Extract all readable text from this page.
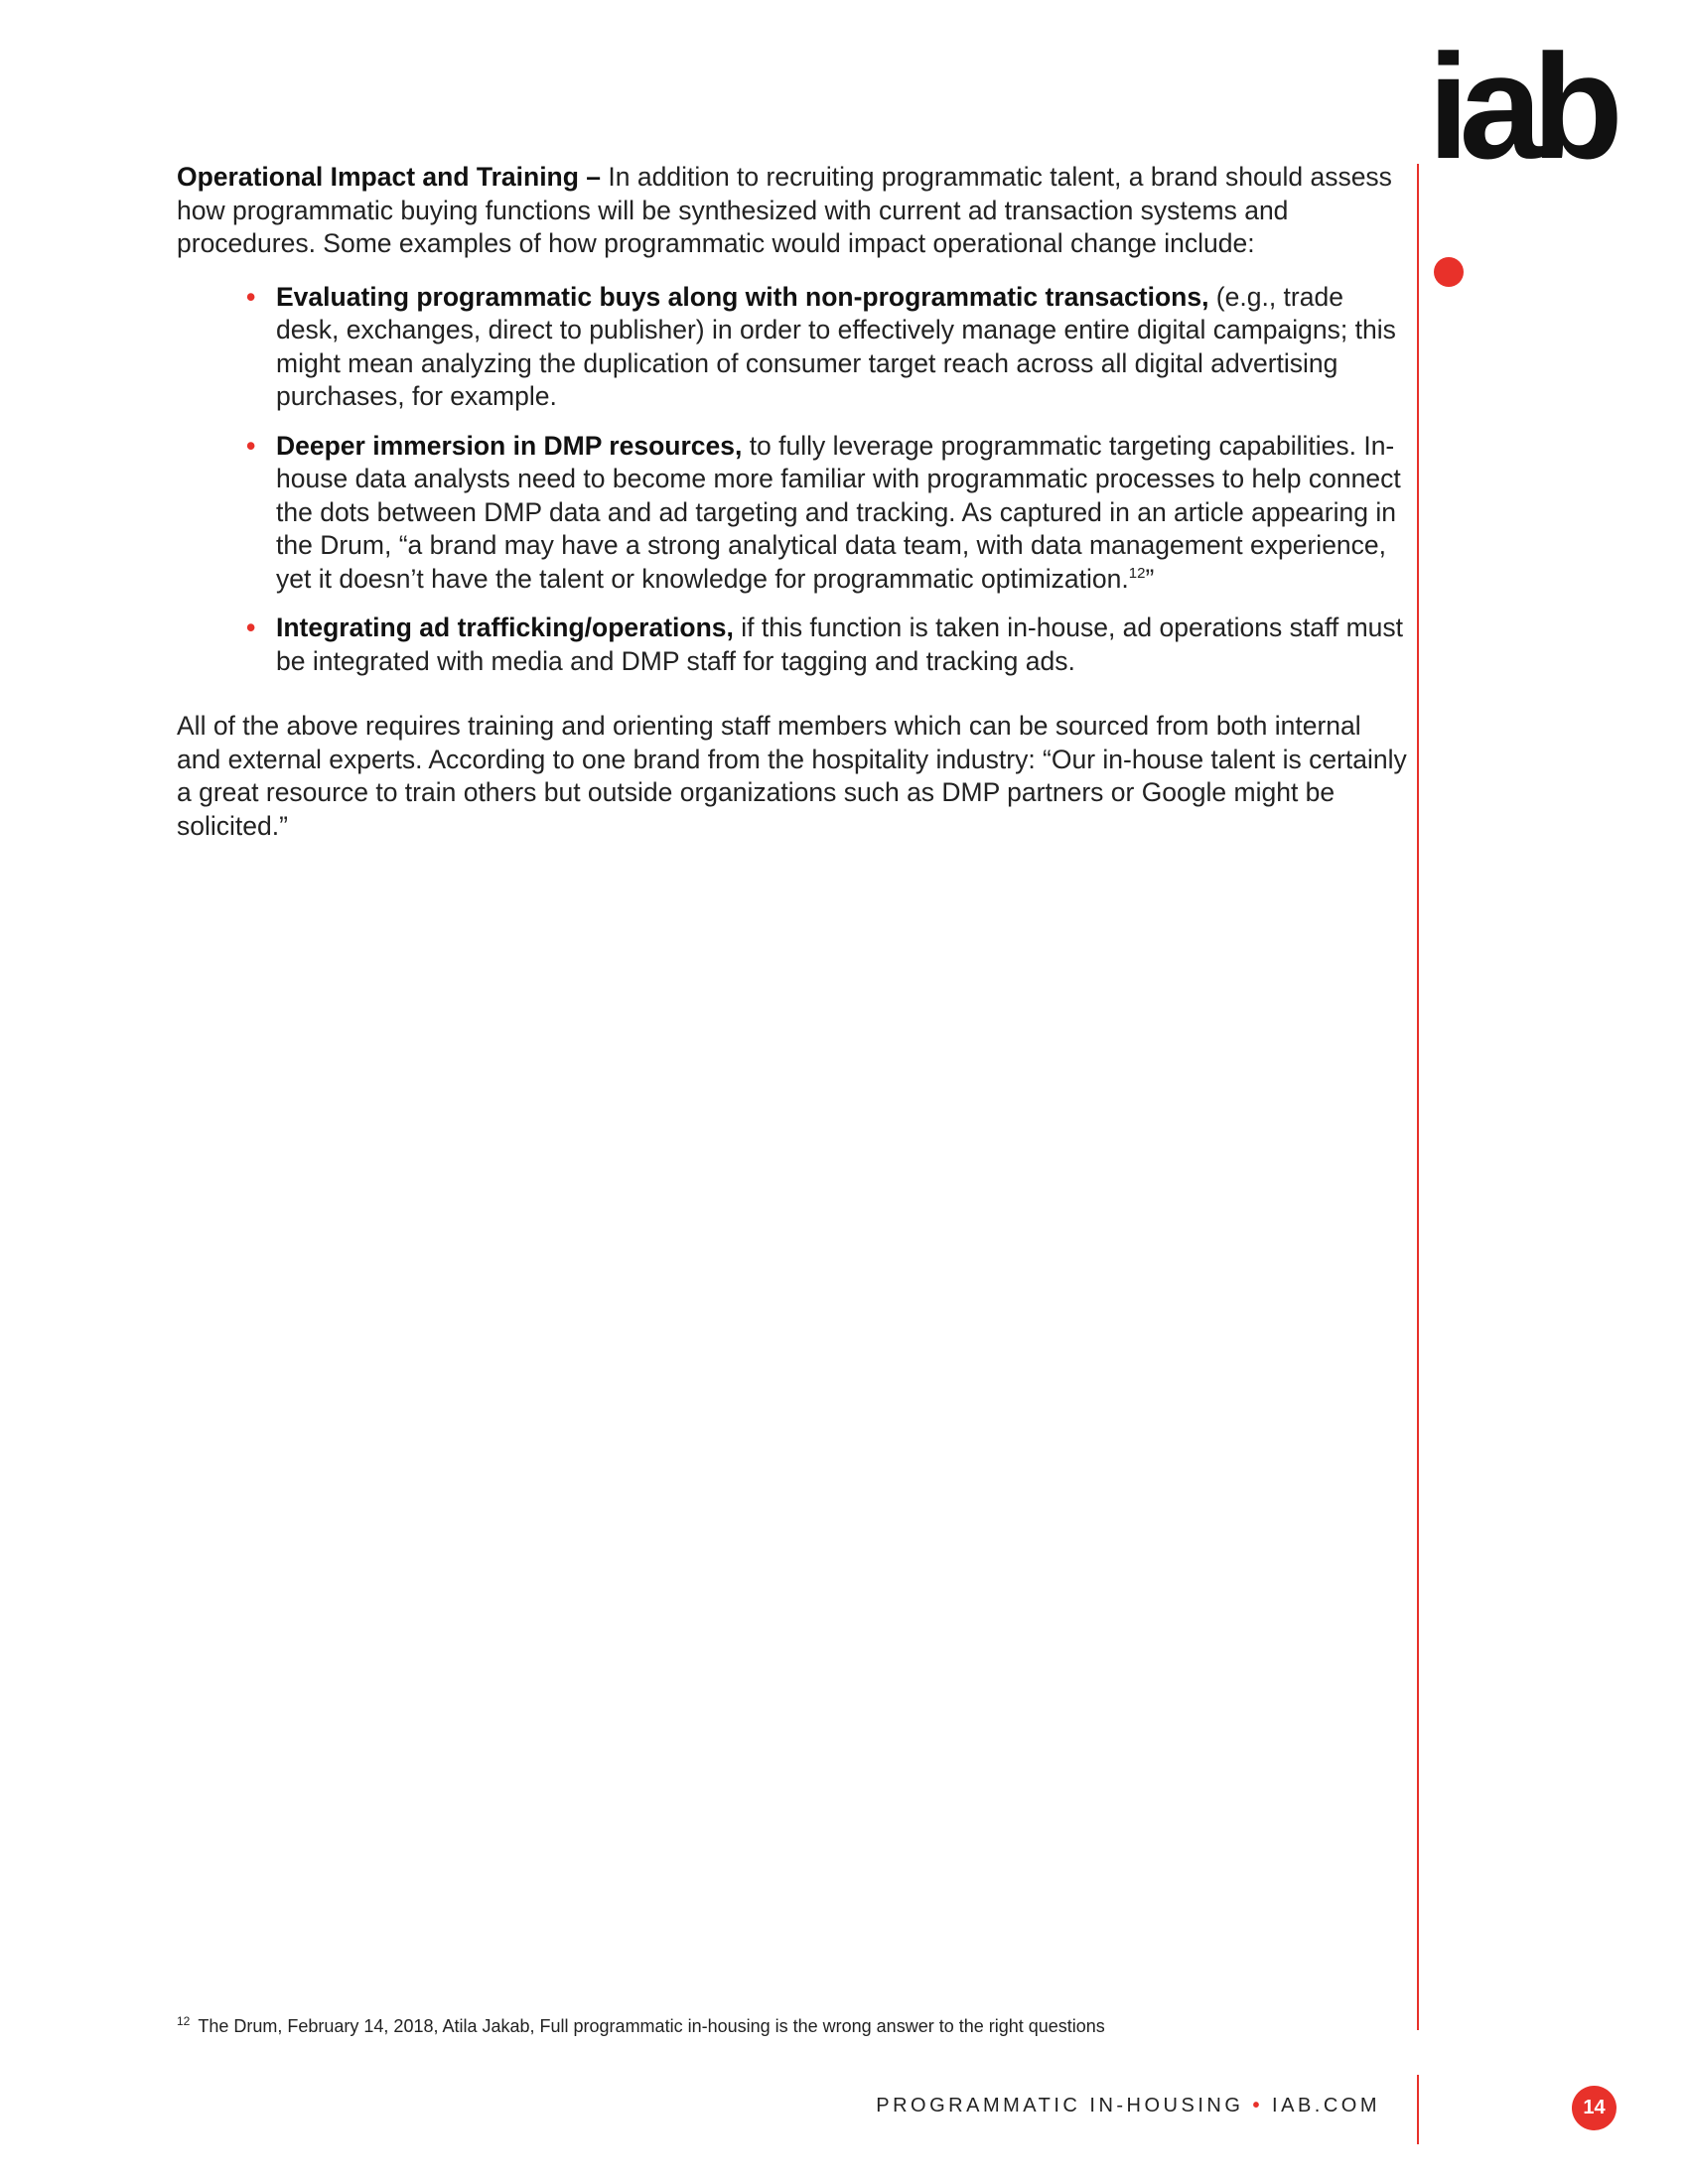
iab

Operational Impact and Training – In addition to recruiting programmatic talent, a brand should assess how programmatic buying functions will be synthesized with current ad transaction systems and procedures. Some examples of how programmatic would impact operational change include:

• Evaluating programmatic buys along with non-programmatic transactions, (e.g., trade desk, exchanges, direct to publisher) in order to effectively manage entire digital campaigns; this might mean analyzing the duplication of consumer target reach across all digital advertising purchases, for example.
• Deeper immersion in DMP resources, to fully leverage programmatic targeting capabilities. In-house data analysts need to become more familiar with programmatic processes to help connect the dots between DMP data and ad targeting and tracking. As captured in an article appearing in the Drum, “a brand may have a strong analytical data team, with data management experience, yet it doesn’t have the talent or knowledge for programmatic optimization.$^{12}$”
• Integrating ad trafficking/operations, if this function is taken in-house, ad operations staff must be integrated with media and DMP staff for tagging and tracking ads.

All of the above requires training and orienting staff members which can be sourced from both internal and external experts. According to one brand from the hospitality industry: “Our in-house talent is certainly a great resource to train others but outside organizations such as DMP partners or Google might be solicited.”

$^{12}$ The Drum, February 14, 2018, Atila Jakab, Full programmatic in-housing is the wrong answer to the right questions
PROGRAMMATIC IN-HOUSING • IAB.COM	14
